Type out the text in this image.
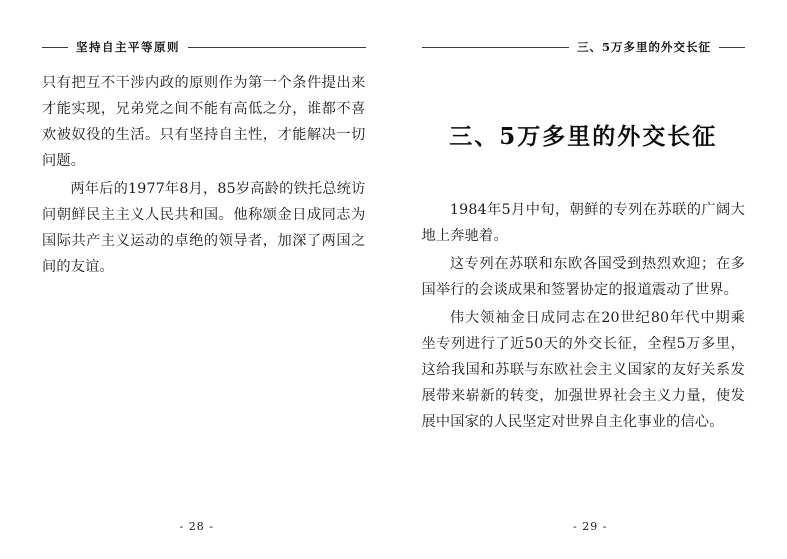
坚持自主平等原则

只有把互不干涉内政的原则作为第一个条件提出来才能实现，兄弟党之间不能有高低之分，谁都不喜欢被奴役的生活。只有坚持自主性，才能解决一切问题。

两年后的1977年8月，85岁高龄的铁托总统访问朝鲜民主主义人民共和国。他称颂金日成同志为国际共产主义运动的卓绝的领导者，加深了两国之间的友谊。

- 28 -
三、5万多里的外交长征
三、5万多里的外交长征

1984年5月中旬，朝鲜的专列在苏联的广阔大地上奔驰着。

这专列在苏联和东欧各国受到热烈欢迎；在多国举行的会谈成果和签署协定的报道震动了世界。

伟大领袖金日成同志在20世纪80年代中期乘坐专列进行了近50天的外交长征，全程5万多里，这给我国和苏联与东欧社会主义国家的友好关系发展带来崭新的转变，加强世界社会主义力量，使发展中国家的人民坚定对世界自主化事业的信心。

- 29 -
